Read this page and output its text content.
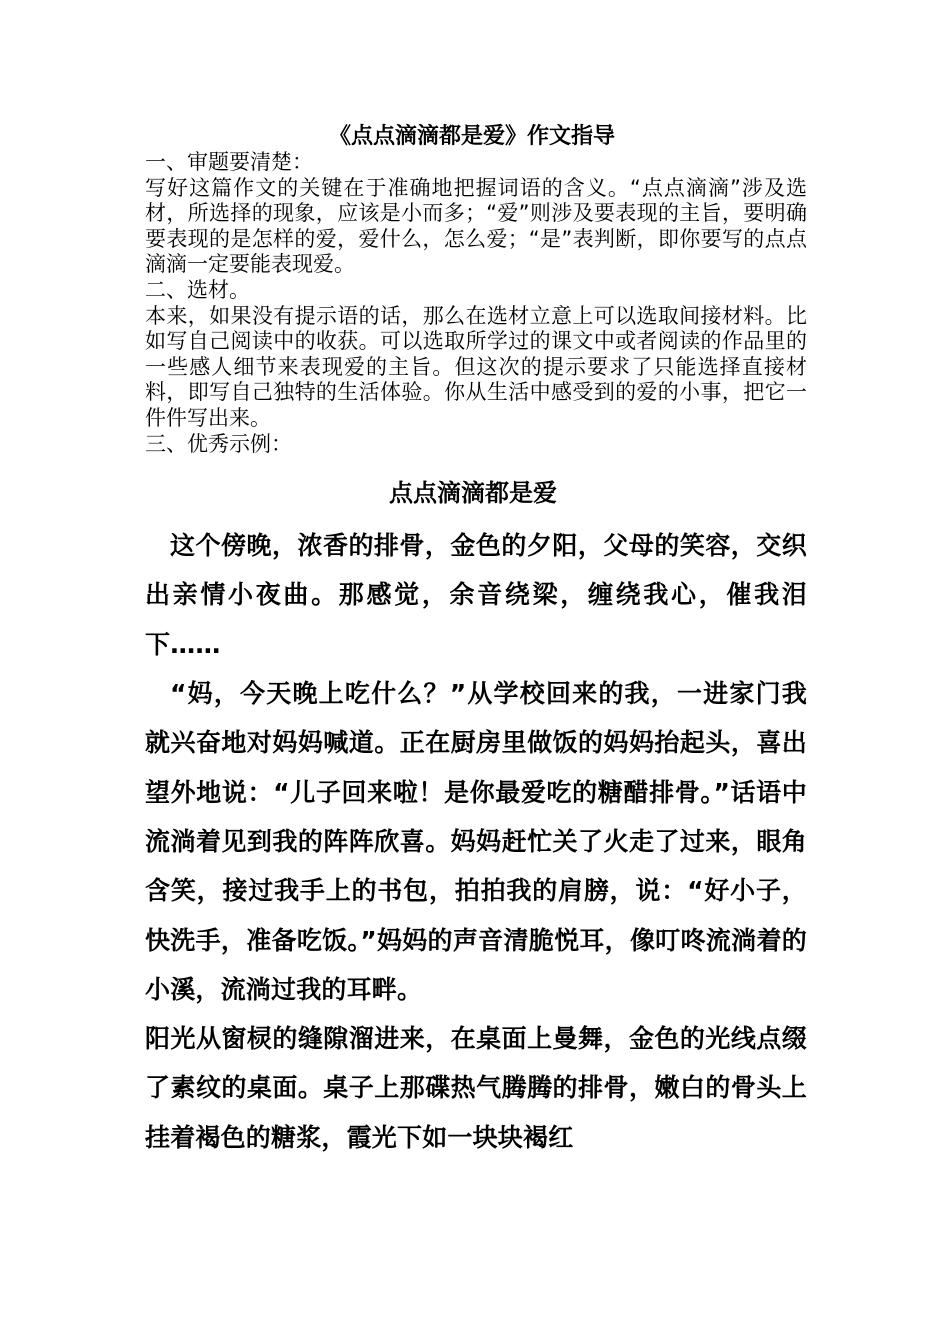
《点点滴滴都是爱》作文指导

一、审题要清楚：

写好这篇作文的关键在于准确地把握词语的含义。“点点滴滴”涉及选材，所选择的现象，应该是小而多；“爱”则涉及要表现的主旨，要明确要表现的是怎样的爱，爱什么，怎么爱；“是”表判断，即你要写的点点滴滴一定要能表现爱。

二、选材。

本来，如果没有提示语的话，那么在选材立意上可以选取间接材料。比如写自己阅读中的收获。可以选取所学过的课文中或者阅读的作品里的一些感人细节来表现爱的主旨。但这次的提示要求了只能选择直接材料，即写自己独特的生活体验。你从生活中感受到的爱的小事，把它一件件写出来。

三、优秀示例：

点点滴滴都是爱

这个傍晚，浓香的排骨，金色的夕阳，父母的笑容，交织出亲情小夜曲。那感觉，余音绕梁，缠绕我心，催我泪下……

“妈，今天晚上吃什么？”从学校回来的我，一进家门我就兴奋地对妈妈喊道。正在厨房里做饭的妈妈抬起头，喜出望外地说：“儿子回来啦！是你最爱吃的糖醋排骨。”话语中流淌着见到我的阵阵欣喜。妈妈赶忙关了火走了过来，眼角含笑，接过我手上的书包，拍拍我的肩膀，说：“好小子，快洗手，准备吃饭。”妈妈的声音清脆悦耳，像叮咚流淌着的小溪，流淌过我的耳畔。

阳光从窗棂的缝隙溜进来，在桌面上曼舞，金色的光线点缀了素纹的桌面。桌子上那碟热气腾腾的排骨，嫩白的骨头上挂着褐色的糖浆，霞光下如一块块褐红
